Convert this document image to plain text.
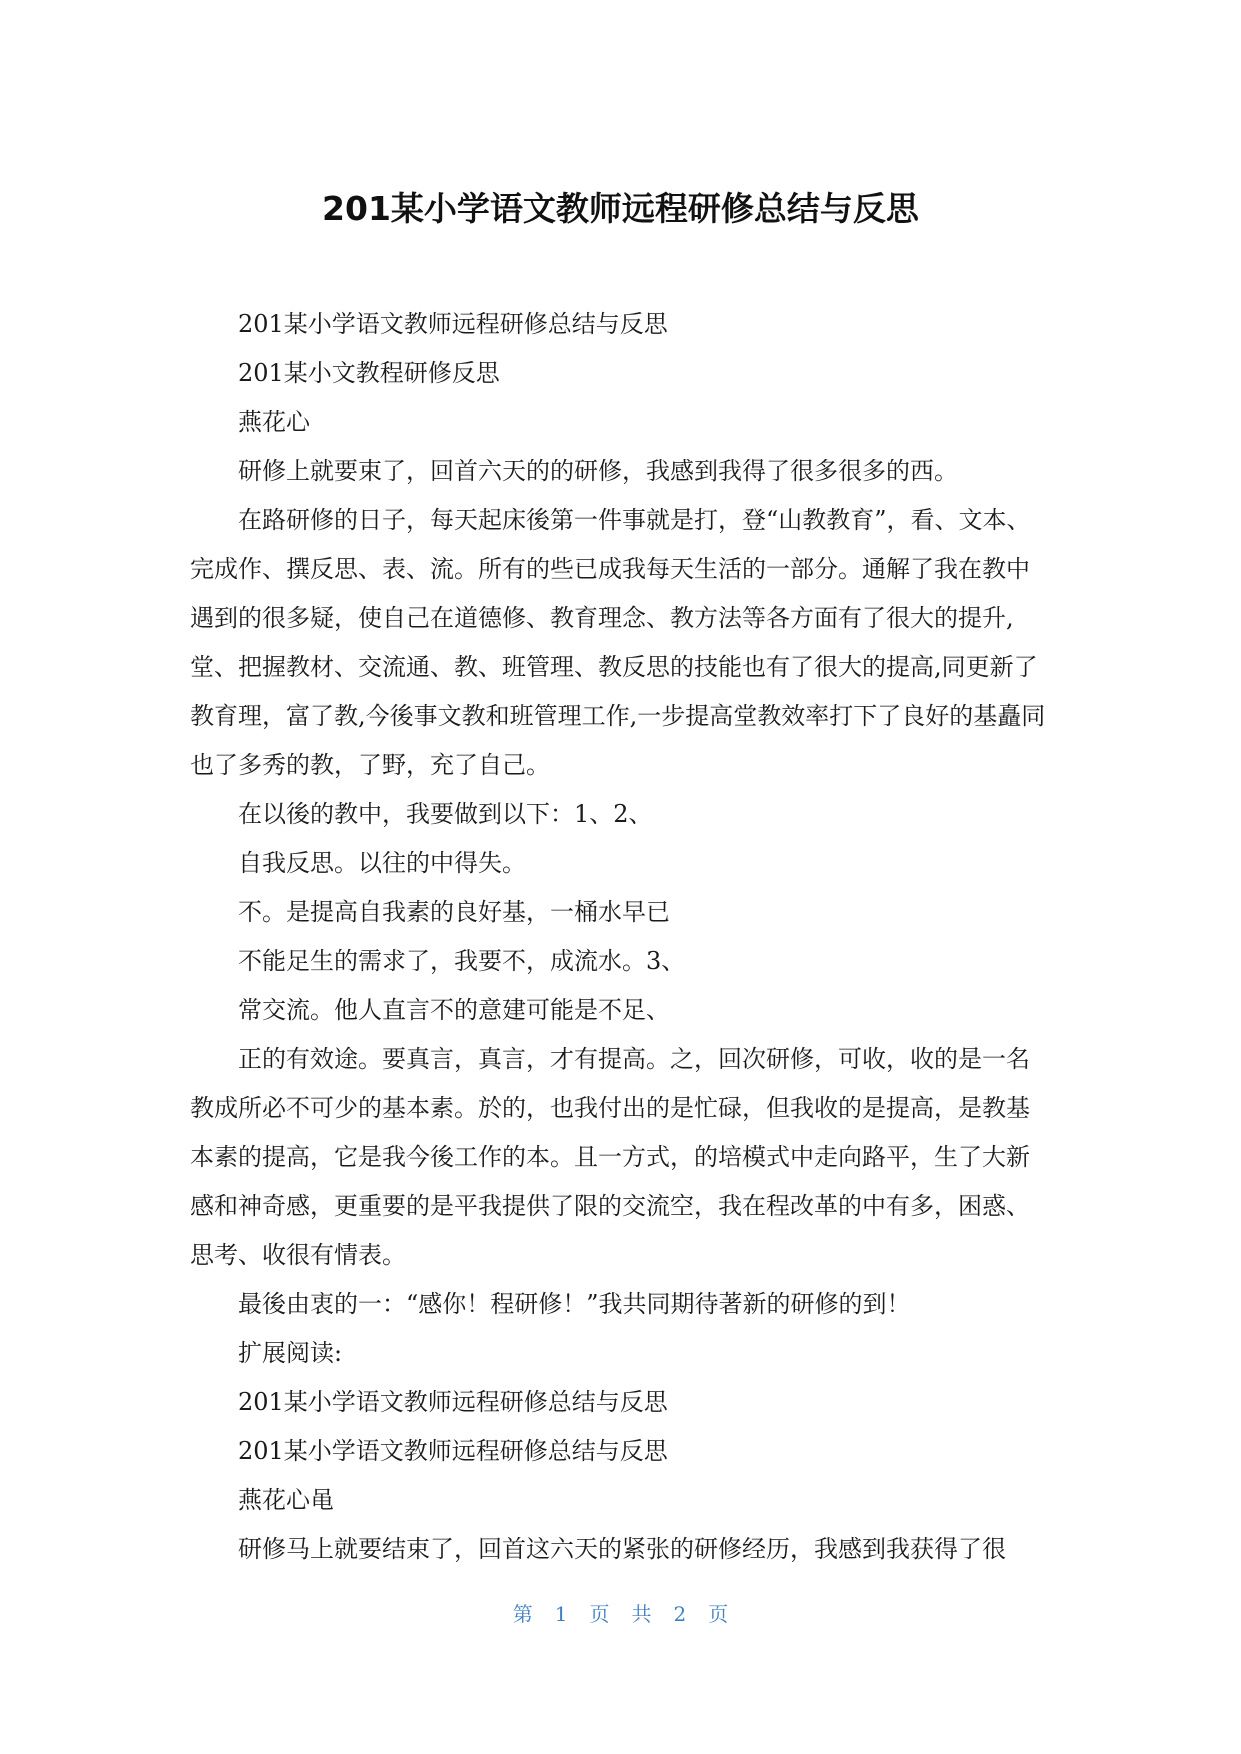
201某小学语文教师远程研修总结与反思

201某小学语文教师远程研修总结与反思

201某小文教程研修反思

燕花心

研修上就要束了，回首六天的的研修，我感到我得了很多很多的西。

在路研修的日子，每天起床後第一件事就是打，登“山教教育”，看、文本、完成作、撰反思、表、流。所有的些已成我每天生活的一部分。通解了我在教中遇到的很多疑，使自己在道德修、教育理念、教方法等各方面有了很大的提升,堂、把握教材、交流通、教、班管理、教反思的技能也有了很大的提高,同更新了教育理，富了教,今後事文教和班管理工作,一步提高堂教效率打下了良好的基矗同也了多秀的教，了野，充了自己。

在以後的教中，我要做到以下：1、2、

自我反思。以往的中得失。

不。是提高自我素的良好基，一桶水早已

不能足生的需求了，我要不，成流水。3、

常交流。他人直言不的意建可能是不足、

正的有效途。要真言，真言，才有提高。之，回次研修，可收，收的是一名教成所必不可少的基本素。於的，也我付出的是忙碌，但我收的是提高，是教基本素的提高，它是我今後工作的本。且一方式，的培模式中走向路平，生了大新感和神奇感，更重要的是平我提供了限的交流空，我在程改革的中有多，困惑、思考、收很有情表。

最後由衷的一：“感你！程研修！”我共同期待著新的研修的到！

扩展阅读:

201某小学语文教师远程研修总结与反思

201某小学语文教师远程研修总结与反思

燕花心黾

研修马上就要结束了，回首这六天的紧张的研修经历，我感到我获得了很

第 1 页 共 2 页
